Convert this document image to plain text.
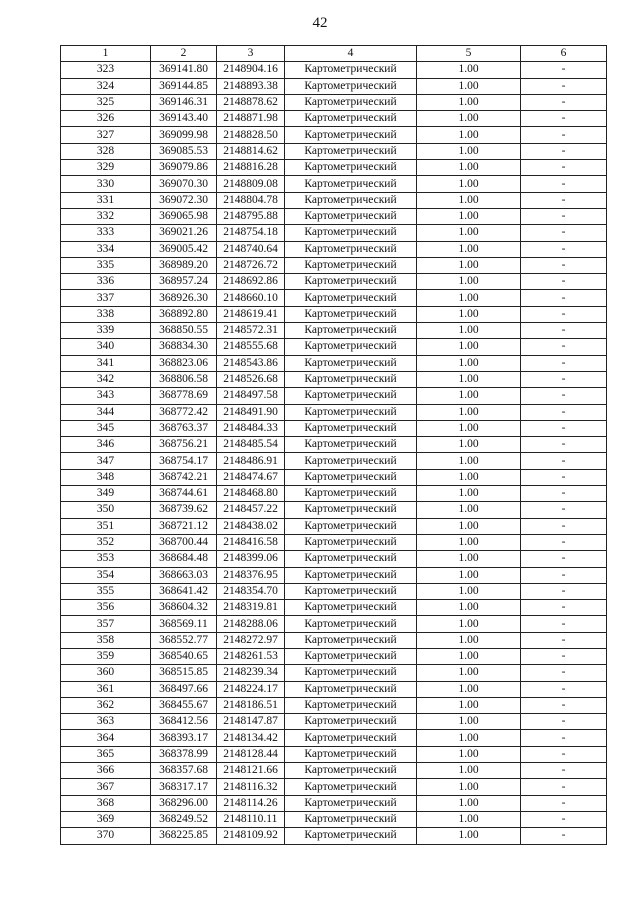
42
1	2	3	4	5	6
323	369141.80	2148904.16	Картометрический	1.00	-
324	369144.85	2148893.38	Картометрический	1.00	-
325	369146.31	2148878.62	Картометрический	1.00	-
326	369143.40	2148871.98	Картометрический	1.00	-
327	369099.98	2148828.50	Картометрический	1.00	-
328	369085.53	2148814.62	Картометрический	1.00	-
329	369079.86	2148816.28	Картометрический	1.00	-
330	369070.30	2148809.08	Картометрический	1.00	-
331	369072.30	2148804.78	Картометрический	1.00	-
332	369065.98	2148795.88	Картометрический	1.00	-
333	369021.26	2148754.18	Картометрический	1.00	-
334	369005.42	2148740.64	Картометрический	1.00	-
335	368989.20	2148726.72	Картометрический	1.00	-
336	368957.24	2148692.86	Картометрический	1.00	-
337	368926.30	2148660.10	Картометрический	1.00	-
338	368892.80	2148619.41	Картометрический	1.00	-
339	368850.55	2148572.31	Картометрический	1.00	-
340	368834.30	2148555.68	Картометрический	1.00	-
341	368823.06	2148543.86	Картометрический	1.00	-
342	368806.58	2148526.68	Картометрический	1.00	-
343	368778.69	2148497.58	Картометрический	1.00	-
344	368772.42	2148491.90	Картометрический	1.00	-
345	368763.37	2148484.33	Картометрический	1.00	-
346	368756.21	2148485.54	Картометрический	1.00	-
347	368754.17	2148486.91	Картометрический	1.00	-
348	368742.21	2148474.67	Картометрический	1.00	-
349	368744.61	2148468.80	Картометрический	1.00	-
350	368739.62	2148457.22	Картометрический	1.00	-
351	368721.12	2148438.02	Картометрический	1.00	-
352	368700.44	2148416.58	Картометрический	1.00	-
353	368684.48	2148399.06	Картометрический	1.00	-
354	368663.03	2148376.95	Картометрический	1.00	-
355	368641.42	2148354.70	Картометрический	1.00	-
356	368604.32	2148319.81	Картометрический	1.00	-
357	368569.11	2148288.06	Картометрический	1.00	-
358	368552.77	2148272.97	Картометрический	1.00	-
359	368540.65	2148261.53	Картометрический	1.00	-
360	368515.85	2148239.34	Картометрический	1.00	-
361	368497.66	2148224.17	Картометрический	1.00	-
362	368455.67	2148186.51	Картометрический	1.00	-
363	368412.56	2148147.87	Картометрический	1.00	-
364	368393.17	2148134.42	Картометрический	1.00	-
365	368378.99	2148128.44	Картометрический	1.00	-
366	368357.68	2148121.66	Картометрический	1.00	-
367	368317.17	2148116.32	Картометрический	1.00	-
368	368296.00	2148114.26	Картометрический	1.00	-
369	368249.52	2148110.11	Картометрический	1.00	-
370	368225.85	2148109.92	Картометрический	1.00	-
